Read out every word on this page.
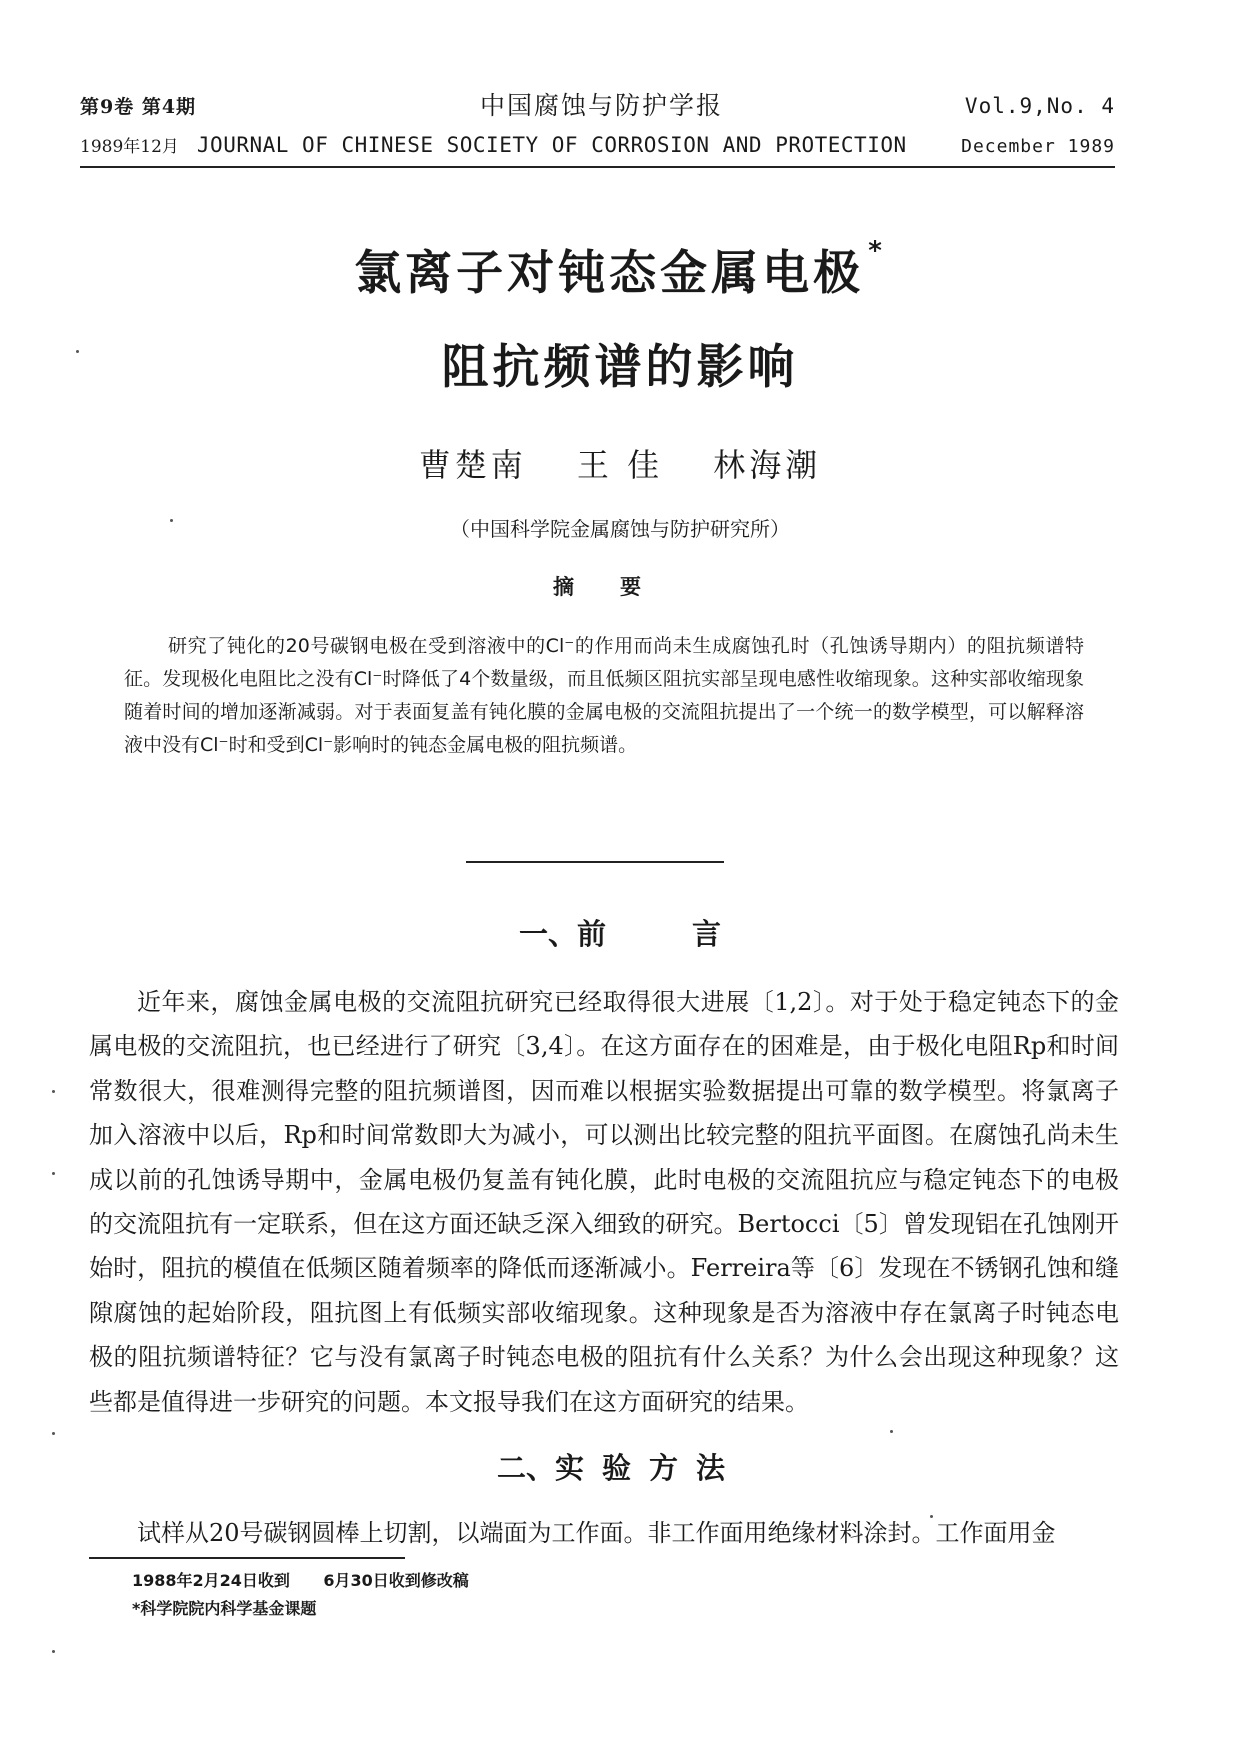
第9卷 第4期	中国腐蚀与防护学报	Vol.9,No. 4
1989年12月 JOURNAL OF CHINESE SOCIETY OF CORROSION AND PROTECTION	December 1989
氯离子对钝态金属电极 *
阻抗频谱的影响
曹楚南 王 佳 林海潮
（中国科学院金属腐蚀与防护研究所）
摘要

研究了钝化的20号碳钢电极在受到溶液中的Cl⁻的作用而尚未生成腐蚀孔时（孔蚀诱导期内）的阻抗频谱特征。发现极化电阻比之没有Cl⁻时降低了4个数量级，而且低频区阻抗实部呈现电感性收缩现象。这种实部收缩现象随着时间的增加逐渐减弱。对于表面复盖有钝化膜的金属电极的交流阻抗提出了一个统一的数学模型，可以解释溶液中没有Cl⁻时和受到Cl⁻影响时的钝态金属电极的阻抗频谱。

一、前言

近年来，腐蚀金属电极的交流阻抗研究已经取得很大进展〔1,2〕。对于处于稳定钝态下的金属电极的交流阻抗，也已经进行了研究〔3,4〕。在这方面存在的困难是，由于极化电阻Rp和时间常数很大，很难测得完整的阻抗频谱图，因而难以根据实验数据提出可靠的数学模型。将氯离子加入溶液中以后，Rp和时间常数即大为减小，可以测出比较完整的阻抗平面图。在腐蚀孔尚未生成以前的孔蚀诱导期中，金属电极仍复盖有钝化膜，此时电极的交流阻抗应与稳定钝态下的电极的交流阻抗有一定联系，但在这方面还缺乏深入细致的研究。Bertocci〔5〕曾发现铝在孔蚀刚开始时，阻抗的模值在低频区随着频率的降低而逐渐减小。Ferreira等〔6〕发现在不锈钢孔蚀和缝隙腐蚀的起始阶段，阻抗图上有低频实部收缩现象。这种现象是否为溶液中存在氯离子时钝态电极的阻抗频谱特征？它与没有氯离子时钝态电极的阻抗有什么关系？为什么会出现这种现象？这些都是值得进一步研究的问题。本文报导我们在这方面研究的结果。

二、实验方法

试样从20号碳钢圆棒上切割，以端面为工作面。非工作面用绝缘材料涂封。工作面用金

1988年2月24日收到      6月30日收到修改稿
*科学院院内科学基金课题
